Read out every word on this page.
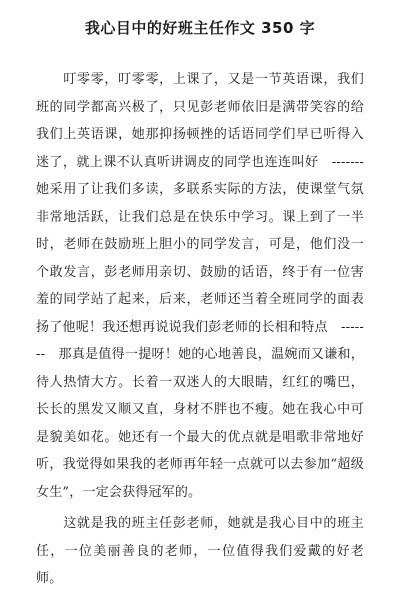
我心目中的好班主任作文 350 字

　　叮零零，叮零零，上课了，又是一节英语课，我们班的同学都高兴极了，只见彭老师依旧是满带笑容的给我们上英语课，她那抑扬顿挫的话语同学们早已听得入迷了，就上课不认真听讲调皮的同学也连连叫好　-------　她采用了让我们多读，多联系实际的方法，使课堂气氛非常地活跃，让我们总是在快乐中学习。课上到了一半时，老师在鼓励班上胆小的同学发言，可是，他们没一个敢发言，彭老师用亲切、鼓励的话语，终于有一位害羞的同学站了起来，后来，老师还当着全班同学的面表扬了他呢！我还想再说说我们彭老师的长相和特点　-------　那真是值得一提呀！她的心地善良，温婉而又谦和，待人热情大方。长着一双迷人的大眼睛，红红的嘴巴，长长的黑发又顺又直，身材不胖也不瘦。她在我心中可是貌美如花。她还有一个最大的优点就是唱歌非常地好听，我觉得如果我的老师再年轻一点就可以去参加“超级女生”，一定会获得冠军的。

　　这就是我的班主任彭老师，她就是我心目中的班主任，一位美丽善良的老师，一位值得我们爱戴的好老师。
